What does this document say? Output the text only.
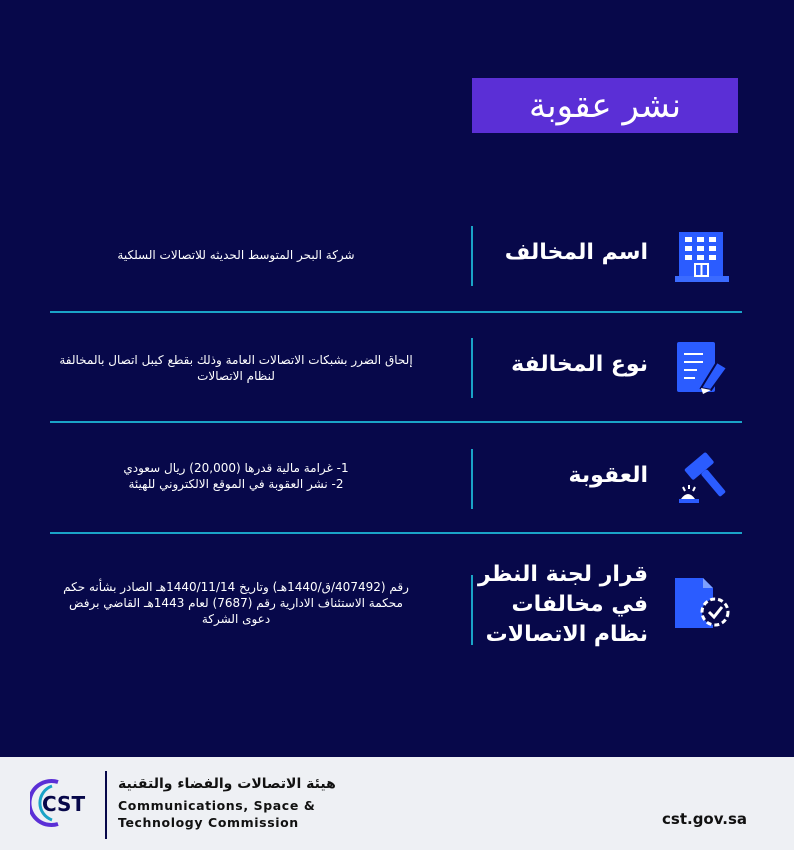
نشر عقوبة
اسم المخالف
شركة البحر المتوسط الحديثه للاتصالات السلكية
نوع المخالفة
إلحاق الضرر بشبكات الاتصالات العامة وذلك بقطع كيبل اتصال بالمخالفة
لنظام الاتصالات
العقوبة
1- غرامة مالية قدرها (20,000) ريال سعودي
2- نشر العقوبة في الموقع الالكتروني للهيئة
قرار لجنة النظر
في مخالفات
نظام الاتصالات
رقم (407492/ق/1440هـ) وتاريخ 1440/11/14هـ الصادر بشأنه حكم
محكمة الاستئناف الادارية رقم (7687) لعام 1443هـ القاضي برفض
دعوى الشركة
CST
هيئة الاتصالات والفضاء والتقنية
Communications, Space &
Technology Commission	cst.gov.sa
